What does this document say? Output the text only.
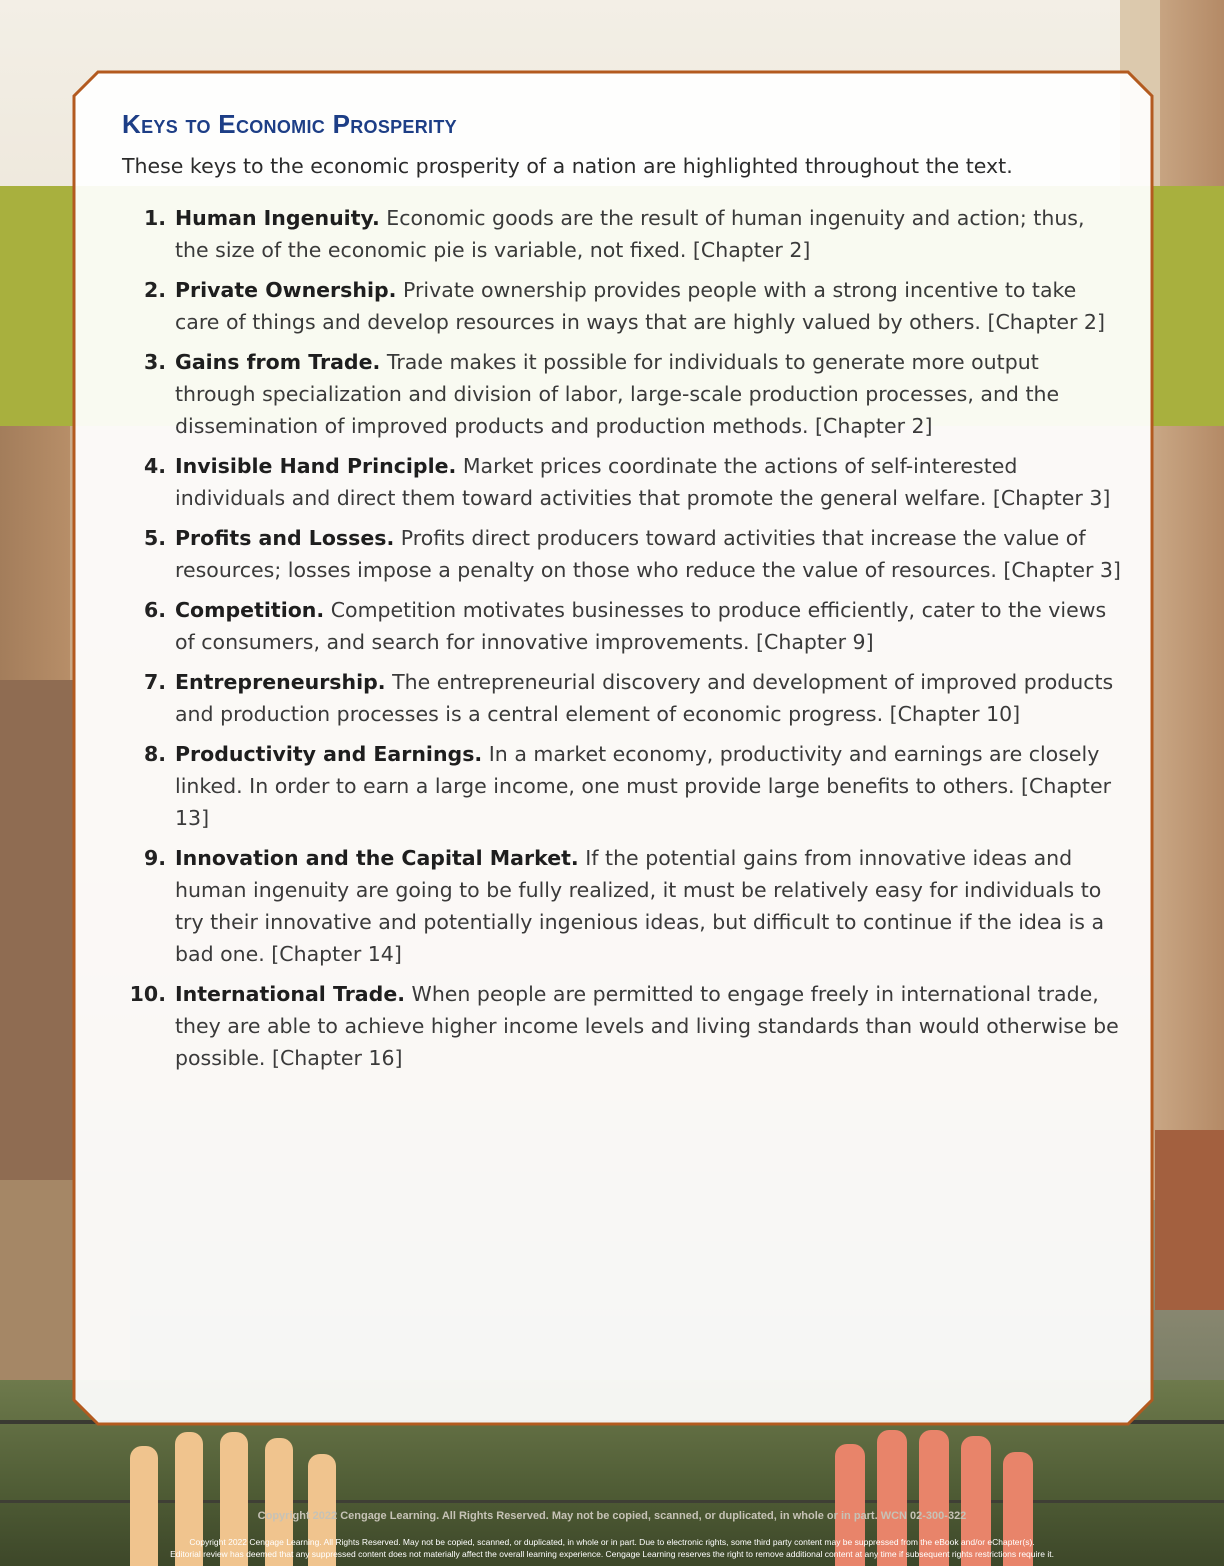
Keys to Economic Prosperity

These keys to the economic prosperity of a nation are highlighted throughout the text.

1. Human Ingenuity. Economic goods are the result of human ingenuity and action; thus, the size of the economic pie is variable, not fixed. [Chapter 2]
2. Private Ownership. Private ownership provides people with a strong incentive to take care of things and develop resources in ways that are highly valued by others. [Chapter 2]
3. Gains from Trade. Trade makes it possible for individuals to generate more output through specialization and division of labor, large-scale production processes, and the dissemination of improved products and production methods. [Chapter 2]
4. Invisible Hand Principle. Market prices coordinate the actions of self-interested individuals and direct them toward activities that promote the general welfare. [Chapter 3]
5. Profits and Losses. Profits direct producers toward activities that increase the value of resources; losses impose a penalty on those who reduce the value of resources. [Chapter 3]
6. Competition. Competition motivates businesses to produce efficiently, cater to the views of consumers, and search for innovative improvements. [Chapter 9]
7. Entrepreneurship. The entrepreneurial discovery and development of improved products and production processes is a central element of economic progress. [Chapter 10]
8. Productivity and Earnings. In a market economy, productivity and earnings are closely linked. In order to earn a large income, one must provide large benefits to others. [Chapter 13]
9. Innovation and the Capital Market. If the potential gains from innovative ideas and human ingenuity are going to be fully realized, it must be relatively easy for individuals to try their innovative and potentially ingenious ideas, but difficult to continue if the idea is a bad one. [Chapter 14]
10. International Trade. When people are permitted to engage freely in international trade, they are able to achieve higher income levels and living standards than would otherwise be possible. [Chapter 16]
Copyright 2022 Cengage Learning. All Rights Reserved. May not be copied, scanned, or duplicated, in whole or in part. WCN 02-300-322
Copyright 2022 Cengage Learning. All Rights Reserved. May not be copied, scanned, or duplicated, in whole or in part. Due to electronic rights, some third party content may be suppressed from the eBook and/or eChapter(s).
Editorial review has deemed that any suppressed content does not materially affect the overall learning experience. Cengage Learning reserves the right to remove additional content at any time if subsequent rights restrictions require it.
